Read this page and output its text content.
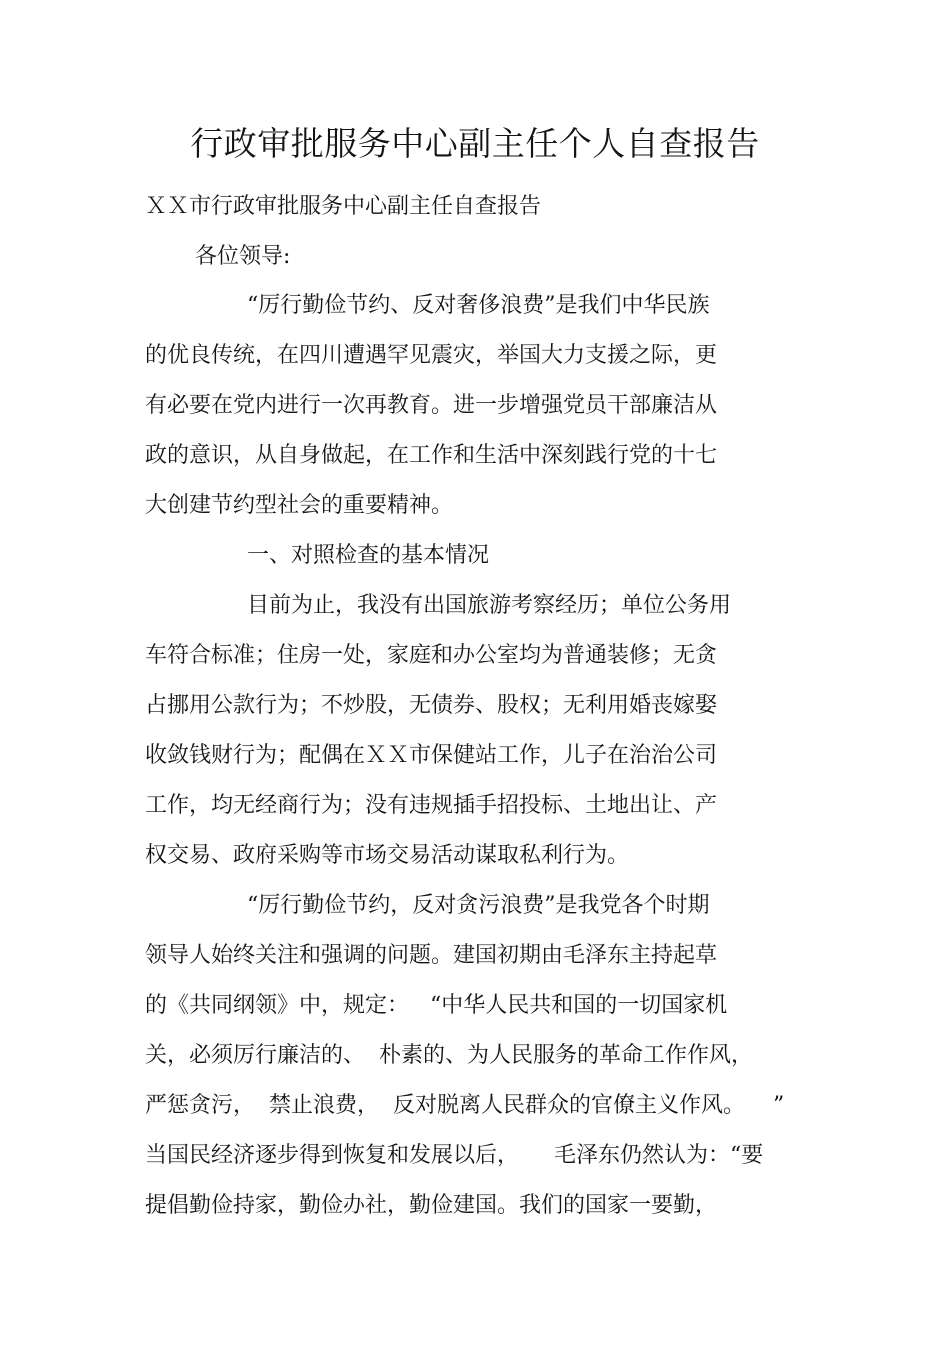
行政审批服务中心副主任个人自查报告
ＸＸ市行政审批服务中心副主任自查报告
各位领导:
“厉行勤俭节约、反对奢侈浪费”是我们中华民族
的优良传统，在四川遭遇罕见震灾，举国大力支援之际，更
有必要在党内进行一次再教育。进一步增强党员干部廉洁从
政的意识，从自身做起，在工作和生活中深刻践行党的十七
大创建节约型社会的重要精神。
一、对照检查的基本情况
目前为止，我没有出国旅游考察经历；单位公务用
车符合标准；住房一处，家庭和办公室均为普通装修；无贪
占挪用公款行为；不炒股，无债券、股权；无利用婚丧嫁娶
收敛钱财行为；配偶在ＸＸ市保健站工作，儿子在治治公司
工作，均无经商行为；没有违规插手招投标、土地出让、产
权交易、政府采购等市场交易活动谋取私利行为。
“厉行勤俭节约，反对贪污浪费”是我党各个时期
领导人始终关注和强调的问题。建国初期由毛泽东主持起草
的《共同纲领》中，规定：   “中华人民共和国的一切国家机
关，必须厉行廉洁的、  朴素的、为人民服务的革命工作作风，
严惩贪污，  禁止浪费，  反对脱离人民群众的官僚主义作风。    ”
当国民经济逐步得到恢复和发展以后，     毛泽东仍然认为：“要
提倡勤俭持家，勤俭办社，勤俭建国。我们的国家一要勤，
